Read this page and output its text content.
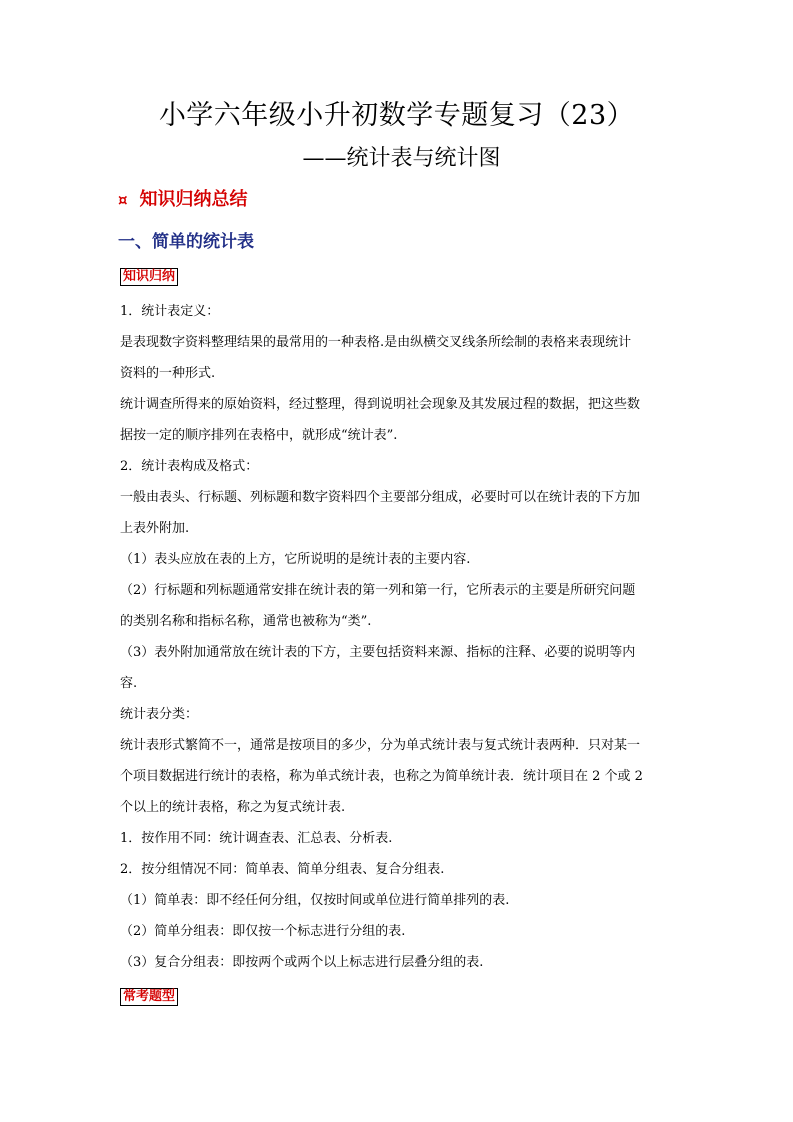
小学六年级小升初数学专题复习（23）
——统计表与统计图
¤ 知识归纳总结
一、简单的统计表
知识归纳

1．统计表定义：

是表现数字资料整理结果的最常用的一种表格.是由纵横交叉线条所绘制的表格来表现统计

资料的一种形式.

统计调查所得来的原始资料，经过整理，得到说明社会现象及其发展过程的数据，把这些数

据按一定的顺序排列在表格中，就形成“统计表”.

2．统计表构成及格式：

一般由表头、行标题、列标题和数字资料四个主要部分组成，必要时可以在统计表的下方加

上表外附加.

（1）表头应放在表的上方，它所说明的是统计表的主要内容.

（2）行标题和列标题通常安排在统计表的第一列和第一行，它所表示的主要是所研究问题

的类别名称和指标名称，通常也被称为“类”.

（3）表外附加通常放在统计表的下方，主要包括资料来源、指标的注释、必要的说明等内

容.

统计表分类：

统计表形式繁简不一，通常是按项目的多少，分为单式统计表与复式统计表两种．只对某一

个项目数据进行统计的表格，称为单式统计表，也称之为简单统计表．统计项目在 2 个或 2

个以上的统计表格，称之为复式统计表.

1．按作用不同：统计调查表、汇总表、分析表.

2．按分组情况不同：简单表、简单分组表、复合分组表.

（1）简单表：即不经任何分组，仅按时间或单位进行简单排列的表.

（2）简单分组表：即仅按一个标志进行分组的表.

（3）复合分组表：即按两个或两个以上标志进行层叠分组的表.

常考题型
